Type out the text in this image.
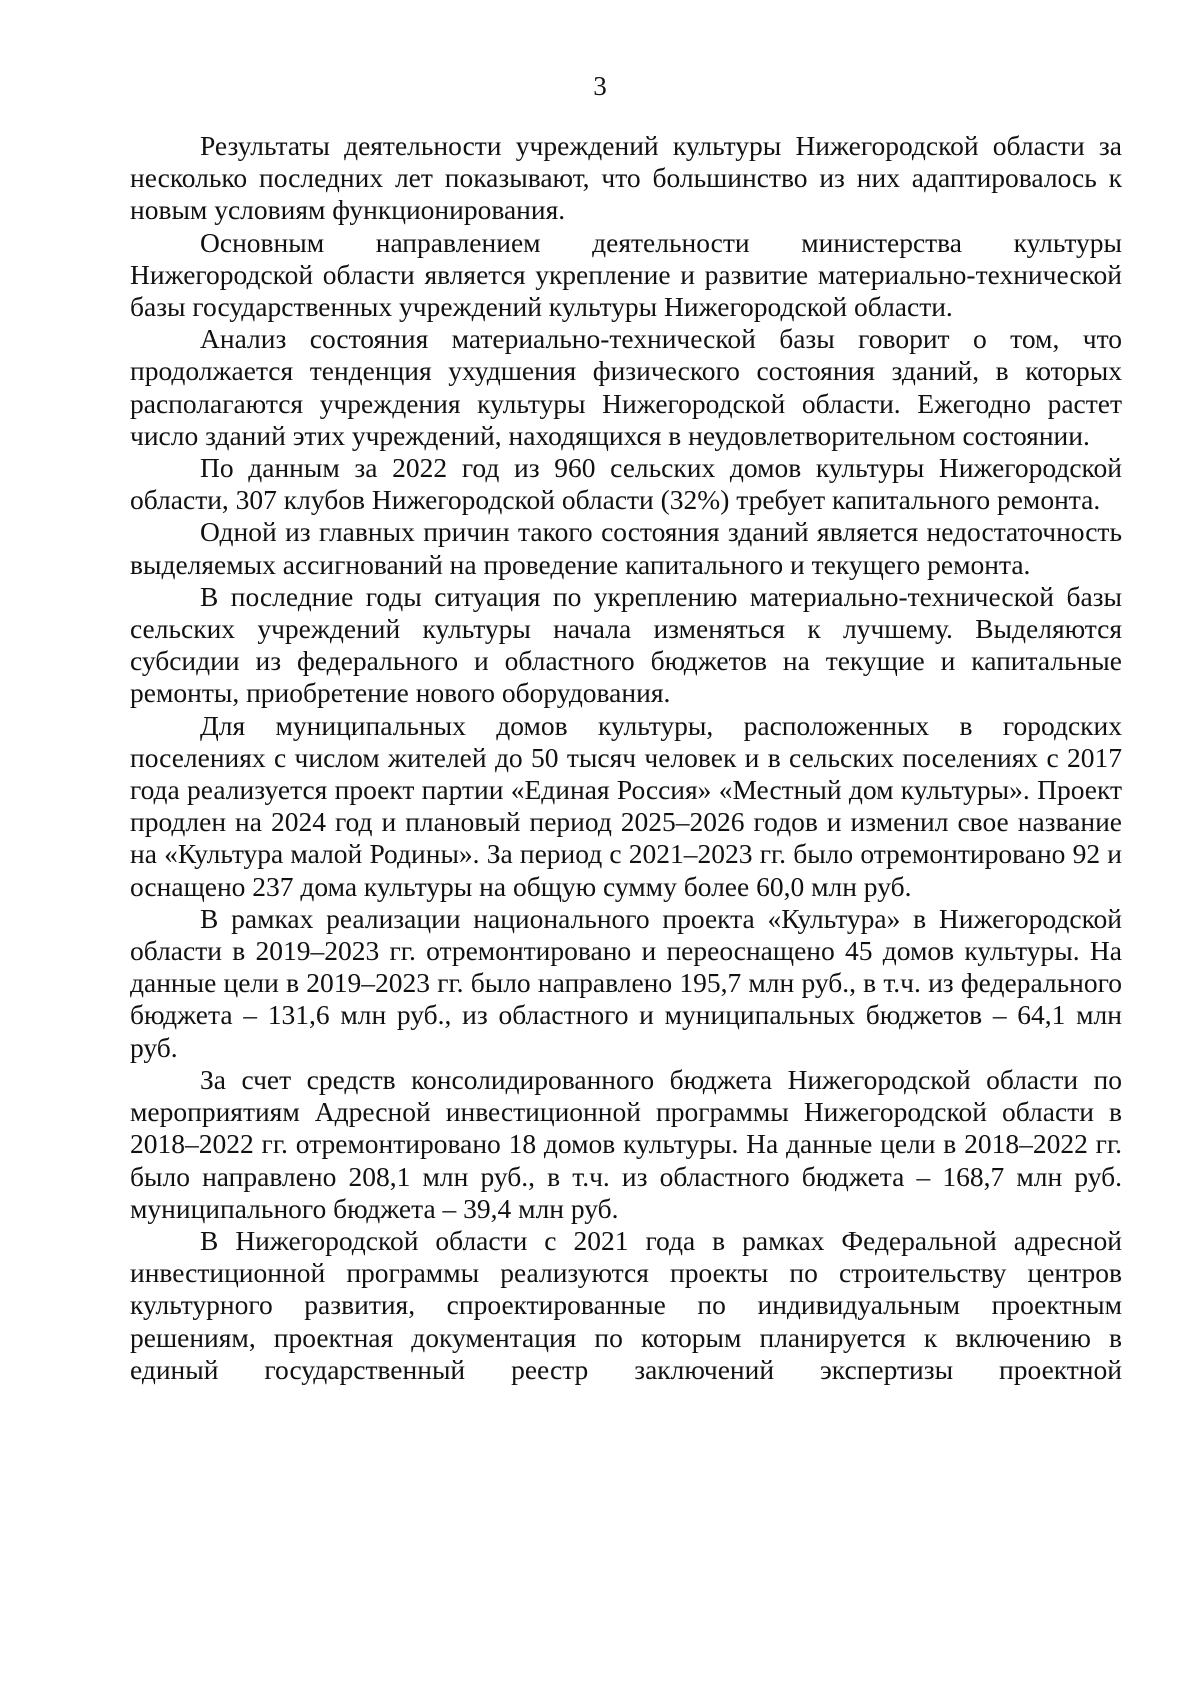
3

Результаты деятельности учреждений культуры Нижегородской области за несколько последних лет показывают, что большинство из них адаптировалось к новым условиям функционирования.

Основным направлением деятельности министерства культуры Нижегородской области является укрепление и развитие материально-технической базы государственных учреждений культуры Нижегородской области.

Анализ состояния материально-технической базы говорит о том, что продолжается тенденция ухудшения физического состояния зданий, в которых располагаются учреждения культуры Нижегородской области. Ежегодно растет число зданий этих учреждений, находящихся в неудовлетворительном состоянии.

По данным за 2022 год из 960 сельских домов культуры Нижегородской области, 307 клубов Нижегородской области (32%) требует капитального ремонта.

Одной из главных причин такого состояния зданий является недостаточность выделяемых ассигнований на проведение капитального и текущего ремонта.

В последние годы ситуация по укреплению материально-технической базы сельских учреждений культуры начала изменяться к лучшему. Выделяются субсидии из федерального и областного бюджетов на текущие и капитальные ремонты, приобретение нового оборудования.

Для муниципальных домов культуры, расположенных в городских поселениях с числом жителей до 50 тысяч человек и в сельских поселениях с 2017 года реализуется проект партии «Единая Россия» «Местный дом культуры». Проект продлен на 2024 год и плановый период 2025–2026 годов и изменил свое название на «Культура малой Родины». За период с 2021–2023 гг. было отремонтировано 92 и оснащено 237 дома культуры на общую сумму более 60,0 млн руб.

В рамках реализации национального проекта «Культура» в Нижегородской области в 2019–2023 гг. отремонтировано и переоснащено 45 домов культуры. На данные цели в 2019–2023 гг. было направлено 195,7 млн руб., в т.ч. из федерального бюджета – 131,6 млн руб., из областного и муниципальных бюджетов – 64,1 млн руб.

За счет средств консолидированного бюджета Нижегородской области по мероприятиям Адресной инвестиционной программы Нижегородской области в 2018–2022 гг. отремонтировано 18 домов культуры. На данные цели в 2018–2022 гг. было направлено 208,1 млн руб., в т.ч. из областного бюджета – 168,7 млн руб. муниципального бюджета – 39,4 млн руб.

В Нижегородской области с 2021 года в рамках Федеральной адресной инвестиционной программы реализуются проекты по строительству центров культурного развития, спроектированные по индивидуальным проектным решениям, проектная документация по которым планируется к включению в единый государственный реестр заключений экспертизы проектной
